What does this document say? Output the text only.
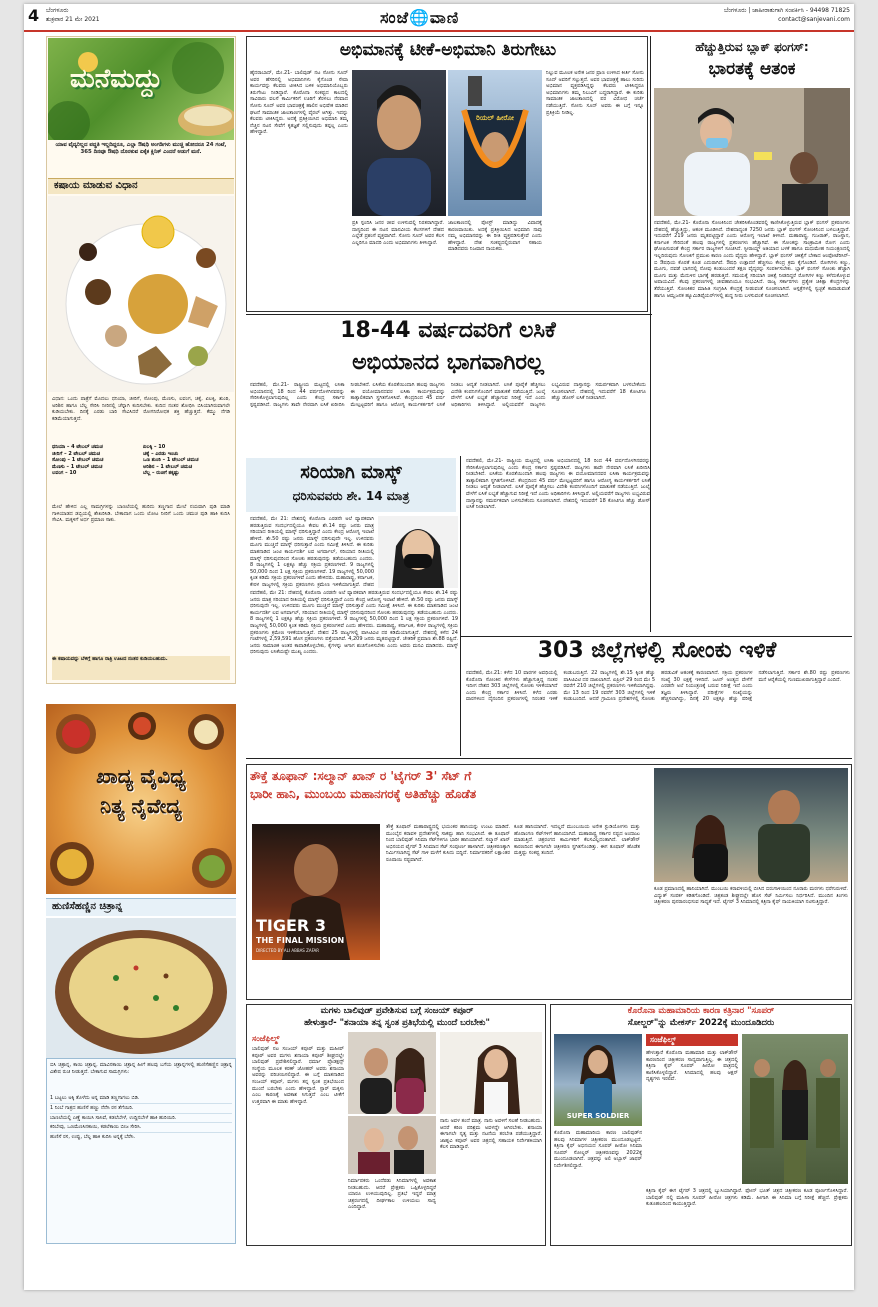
4 ಬೆಂಗಳೂರು
ಶುಕ್ರವಾರ 21 ಮೇ 2021	ಸಂಜೆ🌐ವಾಣಿ	ಬೆಂಗಳೂರು | ಜಾಹೀರಾತುಗಾಗಿ ಸಂಪರ್ಕಿಸಿ - 94498 71825
contact@sanjevani.com
ಮನೆಮದ್ದು
ಯಾವ ವೈದ್ಯರಿಲ್ಲದ ಪದ್ಧತಿ ಇಲ್ಲದಿದ್ದರೂ, ಎಲ್ಲಾ ಔಷಧಿ ಅಂಗಡಿಗಳು ಮುಚ್ಚಿ ಹೋದರೂ 24 ಗಂಟೆ, 365 ದಿನವೂ ಔಷಧಿ ದೊರಕುವ ಏಕೈಕ ಕ್ಲಿನಿಕ್ ಎಂದರೆ ಅಡುಗೆ ಮನೆ.
ಕಷಾಯ ಮಾಡುವ ವಿಧಾನ
ವಿಧಾನ: ಒಂದು ಪಾತ್ರೆಗೆ ಮೊದಲು ಧನಿಯಾ, ಜೀರಿಗೆ, ಸೋಂಪು, ಮೆಣಸು, ಲವಂಗ, ಚಕ್ಕೆ, ಏಲಕ್ಕಿ, ಶುಂಠಿ, ಅರಿಶಿನ ಹಾಗೂ ಬೆಲ್ಲ ಸೇರಿಸಿ ನೀರಿನಲ್ಲಿ ಚೆನ್ನಾಗಿ ಕುದಿಸಬೇಕು. ಕುದಿದ ನಂತರ ಶೋಧಿಸಿ ಬಿಸಿಯಾಗಿರುವಾಗಲೇ ಕುಡಿಯಬೇಕು. ದಿನಕ್ಕೆ ಎರಡು ಬಾರಿ ಸೇವಿಸಿದರೆ ರೋಗನಿರೋಧಕ ಶಕ್ತಿ ಹೆಚ್ಚುತ್ತದೆ. ಕೆಮ್ಮು ನೆಗಡಿ ಕಡಿಮೆಯಾಗುತ್ತದೆ.
ಧನಿಯಾ – 4 ಟೇಬಲ್ ಚಮಚ
ಜೀರಿಗೆ – 2 ಟೇಬಲ್ ಚಮಚ
ಸೋಂಪು – 1 ಟೇಬಲ್ ಚಮಚ
ಮೆಣಸು – 1 ಟೇಬಲ್ ಚಮಚ
ಲವಂಗ – 10
ಏಲಕ್ಕಿ – 10
ಚಕ್ಕೆ – ಎರಡು ಇಂಚು
ಒಣ ಶುಂಠಿ – 1 ಟೇಬಲ್ ಚಮಚ
ಅರಿಶಿನ – 1 ಟೇಬಲ್ ಚಮಚ
ಬೆಲ್ಲ – ರುಚಿಗೆ ತಕ್ಕಷ್ಟು
ಮೇಲೆ ಹೇಳಿದ ಎಲ್ಲ ಸಾಮಗ್ರಿಗಳನ್ನು ಬಾಣಲೆಯಲ್ಲಿ ಹುರಿದು ತಣ್ಣಗಾದ ಮೇಲೆ ನಯವಾಗಿ ಪುಡಿ ಮಾಡಿ ಗಾಳಿಯಾಡದ ಡಬ್ಬಿಯಲ್ಲಿ ಶೇಖರಿಸಿಡಿ. ಬೇಕಾದಾಗ ಒಂದು ಲೋಟ ನೀರಿಗೆ ಒಂದು ಚಮಚ ಪುಡಿ ಹಾಕಿ ಕುದಿಸಿ ಸೇವಿಸಿ. ಮಕ್ಕಳಿಗೆ ಅರ್ಧ ಪ್ರಮಾಣ ಸಾಕು.
ಈ ಕಷಾಯವನ್ನು ಬೆಳಿಗ್ಗೆ ಹಾಗೂ ರಾತ್ರಿ ಊಟದ ನಂತರ ಕುಡಿಯಬಹುದು.
ಖಾದ್ಯ ವೈವಿಧ್ಯ
ನಿತ್ಯ ನೈವೇದ್ಯ
ಹುಣಿಸೆಹಣ್ಣಿನ ಚಿತ್ರಾನ್ನ
ಬಿಸಿ ಚಿತ್ರಾನ್ನ, ಕಾಯಿ ಚಿತ್ರಾನ್ನ, ಮಾವಿನಕಾಯಿ ಚಿತ್ರಾನ್ನ ಹೀಗೆ ಹಲವು ಬಗೆಯ ಚಿತ್ರಾನ್ನಗಳಲ್ಲಿ ಹುಣಿಸೆಹಣ್ಣಿನ ಚಿತ್ರಾನ್ನ ವಿಶೇಷ ರುಚಿ ನೀಡುತ್ತದೆ. ಬೇಕಾಗುವ ಸಾಮಗ್ರಿಗಳು:
1 ಬಟ್ಟಲು ಅಕ್ಕಿ ತೊಳೆದು ಅನ್ನ ಮಾಡಿ ತಣ್ಣಗಾಗಲು ಬಿಡಿ.
1 ನಿಂಬೆ ಗಾತ್ರದ ಹುಣಿಸೆ ಹಣ್ಣು ನೆನೆಸಿ ರಸ ತೆಗೆಯಿರಿ.
ಬಾಣಲೆಯಲ್ಲಿ ಎಣ್ಣೆ ಕಾಯಿಸಿ ಸಾಸಿವೆ, ಕಡಲೆಬೇಳೆ, ಉದ್ದಿನಬೇಳೆ ಹಾಕಿ ಹುರಿಯಿರಿ.
ಕರಿಬೇವು, ಒಣಮೆಣಸಿನಕಾಯಿ, ಕಡಲೆಕಾಯಿ ಬೀಜ ಸೇರಿಸಿ.
ಹುಣಿಸೆ ರಸ, ಉಪ್ಪು, ಬೆಲ್ಲ ಹಾಕಿ ಕುದಿಸಿ ಅನ್ನಕ್ಕೆ ಬೆರೆಸಿ.
ಅಭಿಮಾನಕ್ಕೆ ಟೀಕೆ-ಅಭಿಮಾನಿ ತಿರುಗೇಟು
ಹೈದರಾಬಾದ್, ಮೇ.21- ಬಾಲಿವುಡ್ ನಟ ಸೋನು ಸೂದ್ ಅವರ ಹೆಸರಿನಲ್ಲಿ ಅಭಿಮಾನಿಗಳು ಕೈಗೊಂಡ ಸೇವಾ ಕಾರ್ಯವನ್ನು ಕೆಲವರು ಟೀಕಿಸಿದ ಬಳಿಕ ಅಭಿಮಾನಿಯೊಬ್ಬರು ತಿರುಗೇಟು ನೀಡಿದ್ದಾರೆ. ಕೊರೊನಾ ಸಂಕಷ್ಟದ ಕಾಲದಲ್ಲಿ ಸಾವಿರಾರು ವಲಸೆ ಕಾರ್ಮಿಕರಿಗೆ ಊರಿಗೆ ತೆರಳಲು ನೆರವಾದ ಸೋನು ಸೂದ್ ಅವರ ಭಾವಚಿತ್ರಕ್ಕೆ ಹಾಲಿನ ಅಭಿಷೇಕ ಮಾಡಿದ ಘಟನೆ ಸಾಮಾಜಿಕ ಜಾಲತಾಣಗಳಲ್ಲಿ ವೈರಲ್ ಆಗಿತ್ತು. ಇದನ್ನು ಕೆಲವರು ಟೀಕಿಸಿದ್ದರು. ಅದಕ್ಕೆ ಪ್ರತಿಕ್ರಿಯಿಸಿದ ಅಭಿಮಾನಿ ತಮ್ಮ ನೆಚ್ಚಿನ ನಟನ ಸೇವೆಗೆ ಕೃತಜ್ಞತೆ ಸಲ್ಲಿಸುವುದು ತಪ್ಪಲ್ಲ ಎಂದು ಹೇಳಿದ್ದಾರೆ.
ರಿಯಲ್ ಹೀರೋ
ಪ್ರತಿ ಸ್ಪಂದಿಸಿ ಜನರ ಜೀವ ಉಳಿಸುವಲ್ಲಿ ನಿರತರಾಗಿದ್ದಾರೆ. ದಾಸ್ಯದಿಂದ ಈ ನಟನ ಮಾನವೀಯ ಕೆಲಸಗಳಿಗೆ ದೇಶದ ಎಲ್ಲೆಡೆ ಪ್ರಶಂಸೆ ವ್ಯಕ್ತವಾಗಿದೆ. ಸೋನು ಸೂದ್ ಅವರ ಕೆಲಸ ಎಲ್ಲರಿಗೂ ಮಾದರಿ ಎಂದು ಅಭಿಮಾನಿಗಳು ತಿಳಿಸಿದ್ದಾರೆ.
ಜಾಲತಾಣದಲ್ಲಿ ಪೋಸ್ಟ್ ಮಾಡಿದ್ದು ವಿವಾದಕ್ಕೆ ಕಾರಣವಾಯಿತು. ಅದಕ್ಕೆ ಪ್ರತಿಕ್ರಿಯಿಸಿದ ಅಭಿಮಾನಿ ನಾವು ನಮ್ಮ ಅಭಿಮಾನವನ್ನು ಈ ರೀತಿ ವ್ಯಕ್ತಪಡಿಸುತ್ತೇವೆ ಎಂದು ಹೇಳಿದ್ದಾರೆ. ದೇಶ ಸಂಕಷ್ಟದಲ್ಲಿರುವಾಗ ಸಹಾಯ ಮಾಡಿದವರು ನಿಜವಾದ ನಾಯಕರು.
ನಿಲ್ಲುವ ಮೂಲಕ ಅನೇಕ ಜನರ ಪ್ರಾಣ ಉಳಿಸಿದ ಕೀರ್ತಿ ಸೋನು ಸೂದ್ ಅವರಿಗೆ ಸಲ್ಲುತ್ತದೆ. ಅವರ ಭಾವಚಿತ್ರಕ್ಕೆ ಹಾಲು ಸುರಿದು ಅಭಿಮಾನ ವ್ಯಕ್ತಪಡಿಸಿದ್ದನ್ನು ಕೆಲವರು ಟೀಕಿಸಿದ್ದರೂ ಅಭಿಮಾನಿಗಳು ತಮ್ಮ ನಿಲುವಿಗೆ ಬದ್ಧರಾಗಿದ್ದಾರೆ. ಈ ಕುರಿತು ಸಾಮಾಜಿಕ ಜಾಲತಾಣದಲ್ಲಿ ಪರ ವಿರೋಧ ಚರ್ಚೆ ನಡೆಯುತ್ತಿದೆ. ಸೋನು ಸೂದ್ ಅವರು ಈ ಬಗ್ಗೆ ಇನ್ನೂ ಪ್ರತಿಕ್ರಿಯೆ ನೀಡಿಲ್ಲ.
ಹೆಚ್ಚುತ್ತಿರುವ ಬ್ಲಾಕ್ ಫಂಗಸ್:
ಭಾರತಕ್ಕೆ ಆತಂಕ
ನವದೆಹಲಿ, ಮೇ.21- ಕೊರೊನಾ ಸೋಂಕಿನಿಂದ ಚೇತರಿಸಿಕೊಂಡವರಲ್ಲಿ ಕಾಣಿಸಿಕೊಳ್ಳುತ್ತಿರುವ ಬ್ಲಾಕ್ ಫಂಗಸ್ ಪ್ರಕರಣಗಳು ದೇಶದಲ್ಲಿ ಹೆಚ್ಚುತ್ತಿದ್ದು, ಆತಂಕ ಮೂಡಿಸಿದೆ. ದೇಶದಾದ್ಯಂತ 7250 ಜನರು ಬ್ಲಾಕ್ ಫಂಗಸ್ ಸೋಂಕಿನಿಂದ ಬಳಲುತ್ತಿದ್ದಾರೆ. ಇದುವರೆಗೆ 219 ಜನರು ಮೃತಪಟ್ಟಿದ್ದಾರೆ ಎಂದು ಆರೋಗ್ಯ ಇಲಾಖೆ ತಿಳಿಸಿದೆ. ಮಹಾರಾಷ್ಟ್ರ, ಗುಜರಾತ್, ರಾಜಸ್ಥಾನ, ಕರ್ನಾಟಕ ಸೇರಿದಂತೆ ಹಲವು ರಾಜ್ಯಗಳಲ್ಲಿ ಪ್ರಕರಣಗಳು ಹೆಚ್ಚಾಗಿವೆ. ಈ ಸೋಂಕನ್ನು ಸಾಂಕ್ರಾಮಿಕ ರೋಗ ಎಂದು ಘೋಷಿಸುವಂತೆ ಕೇಂದ್ರ ಸರ್ಕಾರ ರಾಜ್ಯಗಳಿಗೆ ಸೂಚಿಸಿದೆ. ಸ್ಟೀರಾಯ್ಡ್ ಅತಿಯಾದ ಬಳಕೆ ಹಾಗೂ ಮಧುಮೇಹ ನಿಯಂತ್ರಣದಲ್ಲಿ ಇಲ್ಲದಿರುವುದು ಸೋಂಕಿಗೆ ಪ್ರಮುಖ ಕಾರಣ ಎಂದು ವೈದ್ಯರು ಹೇಳಿದ್ದಾರೆ. ಬ್ಲಾಕ್ ಫಂಗಸ್ ಚಿಕಿತ್ಸೆಗೆ ಬೇಕಾದ ಆಂಫೋಟೆರಿಸಿನ್-ಬಿ ಔಷಧಿಯ ಕೊರತೆ ಕೂಡ ಎದುರಾಗಿದೆ. ಔಷಧಿ ಉತ್ಪಾದನೆ ಹೆಚ್ಚಿಸಲು ಕೇಂದ್ರ ಕ್ರಮ ಕೈಗೊಂಡಿದೆ. ರೋಗಿಗಳು ಕಣ್ಣು, ಮೂಗು, ದವಡೆ ಭಾಗದಲ್ಲಿ ನೋವು ಕಂಡುಬಂದರೆ ತಕ್ಷಣ ವೈದ್ಯರನ್ನು ಸಂಪರ್ಕಿಸಬೇಕು. ಬ್ಲಾಕ್ ಫಂಗಸ್ ಸೋಂಕು ಹೆಚ್ಚಾಗಿ ಮೂಗು ಮತ್ತು ಮೆದುಳಿನ ಭಾಗಕ್ಕೆ ಹರಡುತ್ತದೆ. ಸಮಯಕ್ಕೆ ಸರಿಯಾಗಿ ಚಿಕಿತ್ಸೆ ನೀಡದಿದ್ದರೆ ರೋಗಿಗಳ ಕಣ್ಣು ಕಳೆದುಕೊಳ್ಳುವ ಅಪಾಯವಿದೆ. ಕೆಲವು ಪ್ರಕರಣಗಳಲ್ಲಿ ಜೀವಹಾನಿಯೂ ಸಂಭವಿಸಿದೆ. ರಾಜ್ಯ ಸರ್ಕಾರಗಳು ಪ್ರತ್ಯೇಕ ಚಿಕಿತ್ಸಾ ಕೇಂದ್ರಗಳನ್ನು ತೆರೆಯುತ್ತಿವೆ. ಸೋಂಕಿತರ ಮಾಹಿತಿ ಸಂಗ್ರಹಿಸಿ ಕೇಂದ್ರಕ್ಕೆ ನೀಡುವಂತೆ ಸೂಚಿಸಲಾಗಿದೆ. ಆಸ್ಪತ್ರೆಗಳಲ್ಲಿ ಸ್ವಚ್ಛತೆ ಕಾಪಾಡುವಂತೆ ಹಾಗೂ ಆಮ್ಲಜನಕ ಹ್ಯೂಮಿಡಿಫೈಯರ್‌ಗಳಲ್ಲಿ ಶುದ್ಧ ನೀರು ಬಳಸುವಂತೆ ಸೂಚಿಸಲಾಗಿದೆ.
18-44 ವರ್ಷದವರಿಗೆ ಲಸಿಕೆ
ಅಭಿಯಾನದ ಭಾಗವಾಗಿರಲ್ಲ
ನವದೆಹಲಿ, ಮೇ.21- ರಾಷ್ಟ್ರೀಯ ಮಟ್ಟದಲ್ಲಿ ಲಸಿಕಾ ಅಭಿಯಾನದಲ್ಲಿ 18 ರಿಂದ 44 ವರ್ಷದೊಳಗಿನವರನ್ನು ಸೇರಿಸಿಕೊಳ್ಳಲಾಗುವುದಿಲ್ಲ ಎಂದು ಕೇಂದ್ರ ಸರ್ಕಾರ ಸ್ಪಷ್ಟಪಡಿಸಿದೆ. ರಾಜ್ಯಗಳು ತಾವೇ ನೇರವಾಗಿ ಲಸಿಕೆ ಖರೀದಿಸಿ ನೀಡಬೇಕಿದೆ. ಲಸಿಕೆಯ ಕೊರತೆಯಿಂದಾಗಿ ಹಲವು ರಾಜ್ಯಗಳು ಈ ವಯೋಮಾನದವರ ಲಸಿಕಾ ಕಾರ್ಯಕ್ರಮವನ್ನು ತಾತ್ಕಾಲಿಕವಾಗಿ ಸ್ಥಗಿತಗೊಳಿಸಿವೆ. ಕೇಂದ್ರದಿಂದ 45 ವರ್ಷ ಮೇಲ್ಪಟ್ಟವರಿಗೆ ಹಾಗೂ ಆರೋಗ್ಯ ಕಾರ್ಯಕರ್ತರಿಗೆ ಲಸಿಕೆ ನೀಡಲು ಆದ್ಯತೆ ನೀಡಲಾಗಿದೆ. ಲಸಿಕೆ ಪೂರೈಕೆ ಹೆಚ್ಚಿಸಲು ವಿದೇಶಿ ಕಂಪನಿಗಳೊಂದಿಗೆ ಮಾತುಕತೆ ನಡೆಯುತ್ತಿದೆ. ಜುಲೈ ವೇಳೆಗೆ ಲಸಿಕೆ ಲಭ್ಯತೆ ಹೆಚ್ಚಾಗುವ ನಿರೀಕ್ಷೆ ಇದೆ ಎಂದು ಅಧಿಕಾರಿಗಳು ತಿಳಿಸಿದ್ದಾರೆ. ಅಲ್ಲಿಯವರೆಗೆ ರಾಜ್ಯಗಳು ಲಭ್ಯವಿರುವ ದಾಸ್ತಾನನ್ನು ಸಮರ್ಪಕವಾಗಿ ಬಳಸಬೇಕೆಂದು ಸೂಚಿಸಲಾಗಿದೆ. ದೇಶದಲ್ಲಿ ಇದುವರೆಗೆ 18 ಕೋಟಿಗೂ ಹೆಚ್ಚು ಡೋಸ್ ಲಸಿಕೆ ನೀಡಲಾಗಿದೆ.
ಸರಿಯಾಗಿ ಮಾಸ್ಕ್
ಧರಿಸುವವರು ಶೇ. 14 ಮಾತ್ರ
ನವದೆಹಲಿ, ಮೇ 21: ದೇಶದಲ್ಲಿ ಕೊರೊನಾ ಎರಡನೇ ಅಲೆ ವ್ಯಾಪಕವಾಗಿ ಹರಡುತ್ತಿರುವ ಸಂದರ್ಭದಲ್ಲಿಯೂ ಕೇವಲ ಶೇ.14 ರಷ್ಟು ಜನರು ಮಾತ್ರ ಸರಿಯಾದ ರೀತಿಯಲ್ಲಿ ಮಾಸ್ಕ್ ಧರಿಸುತ್ತಿದ್ದಾರೆ ಎಂದು ಕೇಂದ್ರ ಆರೋಗ್ಯ ಇಲಾಖೆ ಹೇಳಿದೆ. ಶೇ.50 ರಷ್ಟು ಜನರು ಮಾಸ್ಕ್ ಧರಿಸುವುದೇ ಇಲ್ಲ. ಉಳಿದವರು ಮೂಗು ಮುಚ್ಚದೆ ಮಾಸ್ಕ್ ಧರಿಸುತ್ತಾರೆ ಎಂದು ಸಮೀಕ್ಷೆ ತಿಳಿಸಿದೆ. ಈ ಕುರಿತು ಮಾತನಾಡಿದ ಜಂಟಿ ಕಾರ್ಯದರ್ಶಿ ಲವ ಅಗರ್ವಾಲ್, ಸರಿಯಾದ ರೀತಿಯಲ್ಲಿ ಮಾಸ್ಕ್ ಧರಿಸುವುದರಿಂದ ಸೋಂಕು ಹರಡುವುದನ್ನು ತಡೆಯಬಹುದು ಎಂದರು. 8 ರಾಜ್ಯಗಳಲ್ಲಿ 1 ಲಕ್ಷಕ್ಕೂ ಹೆಚ್ಚು ಸಕ್ರಿಯ ಪ್ರಕರಣಗಳಿವೆ. 9 ರಾಜ್ಯಗಳಲ್ಲಿ 50,000 ದಿಂದ 1 ಲಕ್ಷ ಸಕ್ರಿಯ ಪ್ರಕರಣಗಳಿವೆ. 19 ರಾಜ್ಯಗಳಲ್ಲಿ 50,000 ಕ್ಕಿಂತ ಕಡಿಮೆ ಸಕ್ರಿಯ ಪ್ರಕರಣಗಳಿವೆ ಎಂದು ಹೇಳಿದರು. ಮಹಾರಾಷ್ಟ್ರ, ಕರ್ನಾಟಕ, ಕೇರಳ ರಾಜ್ಯಗಳಲ್ಲಿ ಸಕ್ರಿಯ ಪ್ರಕರಣಗಳು ಕ್ರಮೇಣ ಇಳಿಕೆಯಾಗುತ್ತಿವೆ. ದೇಶದ
ನವದೆಹಲಿ, ಮೇ 21: ದೇಶದಲ್ಲಿ ಕೊರೊನಾ ಎರಡನೇ ಅಲೆ ವ್ಯಾಪಕವಾಗಿ ಹರಡುತ್ತಿರುವ ಸಂದರ್ಭದಲ್ಲಿಯೂ ಕೇವಲ ಶೇ.14 ರಷ್ಟು ಜನರು ಮಾತ್ರ ಸರಿಯಾದ ರೀತಿಯಲ್ಲಿ ಮಾಸ್ಕ್ ಧರಿಸುತ್ತಿದ್ದಾರೆ ಎಂದು ಕೇಂದ್ರ ಆರೋಗ್ಯ ಇಲಾಖೆ ಹೇಳಿದೆ. ಶೇ.50 ರಷ್ಟು ಜನರು ಮಾಸ್ಕ್ ಧರಿಸುವುದೇ ಇಲ್ಲ. ಉಳಿದವರು ಮೂಗು ಮುಚ್ಚದೆ ಮಾಸ್ಕ್ ಧರಿಸುತ್ತಾರೆ ಎಂದು ಸಮೀಕ್ಷೆ ತಿಳಿಸಿದೆ. ಈ ಕುರಿತು ಮಾತನಾಡಿದ ಜಂಟಿ ಕಾರ್ಯದರ್ಶಿ ಲವ ಅಗರ್ವಾಲ್, ಸರಿಯಾದ ರೀತಿಯಲ್ಲಿ ಮಾಸ್ಕ್ ಧರಿಸುವುದರಿಂದ ಸೋಂಕು ಹರಡುವುದನ್ನು ತಡೆಯಬಹುದು ಎಂದರು. 8 ರಾಜ್ಯಗಳಲ್ಲಿ 1 ಲಕ್ಷಕ್ಕೂ ಹೆಚ್ಚು ಸಕ್ರಿಯ ಪ್ರಕರಣಗಳಿವೆ. 9 ರಾಜ್ಯಗಳಲ್ಲಿ 50,000 ದಿಂದ 1 ಲಕ್ಷ ಸಕ್ರಿಯ ಪ್ರಕರಣಗಳಿವೆ. 19 ರಾಜ್ಯಗಳಲ್ಲಿ 50,000 ಕ್ಕಿಂತ ಕಡಿಮೆ ಸಕ್ರಿಯ ಪ್ರಕರಣಗಳಿವೆ ಎಂದು ಹೇಳಿದರು. ಮಹಾರಾಷ್ಟ್ರ, ಕರ್ನಾಟಕ, ಕೇರಳ ರಾಜ್ಯಗಳಲ್ಲಿ ಸಕ್ರಿಯ ಪ್ರಕರಣಗಳು ಕ್ರಮೇಣ ಇಳಿಕೆಯಾಗುತ್ತಿವೆ. ದೇಶದ 25 ರಾಜ್ಯಗಳಲ್ಲಿ ಪಾಸಿಟಿವಿಟಿ ದರ ಕಡಿಮೆಯಾಗುತ್ತಿದೆ. ದೇಶದಲ್ಲಿ ಕಳೆದ 24 ಗಂಟೆಗಳಲ್ಲಿ 2,59,591 ಹೊಸ ಪ್ರಕರಣಗಳು ಪತ್ತೆಯಾಗಿವೆ. 4,209 ಜನರು ಮೃತಪಟ್ಟಿದ್ದಾರೆ. ಚೇತರಿಕೆ ಪ್ರಮಾಣ ಶೇ.88 ರಷ್ಟಿದೆ. ಜನರು ಸಾಮಾಜಿಕ ಅಂತರ ಕಾಪಾಡಿಕೊಳ್ಳಬೇಕು, ಕೈಗಳನ್ನು ಆಗಾಗ ಶುಚಿಗೊಳಿಸಬೇಕು ಎಂದು ಅವರು ಮನವಿ ಮಾಡಿದರು. ಮಾಸ್ಕ್ ಧರಿಸುವುದು ಲಸಿಕೆಯಷ್ಟೇ ಮುಖ್ಯ ಎಂದರು.	303 ಜಿಲ್ಲೆಗಳಲ್ಲಿ ಸೋಂಕು ಇಳಿಕೆ
ನವದೆಹಲಿ, ಮೇ.21: ಕಳೆದ 10 ವಾರಗಳ ಅವಧಿಯಲ್ಲಿ ಕೊರೊನಾ ಸೋಂಕಿನ ಕೇಸ್‌ಗಳು ಹೆಚ್ಚಾಗುತ್ತಿದ್ದ ನಂತರ ಇದೀಗ ದೇಶದ 303 ಜಿಲ್ಲೆಗಳಲ್ಲಿ ಸೋಂಕು ಇಳಿಕೆಯಾಗಿದೆ ಎಂದು ಕೇಂದ್ರ ಸರ್ಕಾರ ತಿಳಿಸಿದೆ. ಕಳೆದ ಎರಡು ವಾರಗಳಿಂದ ದೈನಂದಿನ ಪ್ರಕರಣಗಳಲ್ಲಿ ನಿರಂತರ ಇಳಿಕೆ ಕಂಡುಬರುತ್ತಿದೆ. 22 ರಾಜ್ಯಗಳಲ್ಲಿ ಶೇ.15 ಕ್ಕಿಂತ ಹೆಚ್ಚು ಪಾಸಿಟಿವಿಟಿ ದರ ದಾಖಲಾಗಿದೆ. ಏಪ್ರಿಲ್ 29 ರಿಂದ ಮೇ 5 ರವರೆಗೆ 210 ಜಿಲ್ಲೆಗಳಲ್ಲಿ ಪ್ರಕರಣಗಳು ಇಳಿಕೆಯಾಗಿದ್ದವು. ಮೇ 13 ರಿಂದ 19 ರವರೆಗೆ 303 ಜಿಲ್ಲೆಗಳಲ್ಲಿ ಇಳಿಕೆ ಕಂಡುಬಂದಿದೆ. ಆದರೆ ಗ್ರಾಮೀಣ ಪ್ರದೇಶಗಳಲ್ಲಿ ಸೋಂಕು ಹರಡುವಿಕೆ ಆತಂಕಕ್ಕೆ ಕಾರಣವಾಗಿದೆ. ಸಕ್ರಿಯ ಪ್ರಕರಣಗಳ ಸಂಖ್ಯೆ 30 ಲಕ್ಷಕ್ಕೆ ಇಳಿದಿದೆ. ಜೂನ್ ಅಂತ್ಯದ ವೇಳೆಗೆ ಎರಡನೇ ಅಲೆ ನಿಯಂತ್ರಣಕ್ಕೆ ಬರುವ ನಿರೀಕ್ಷೆ ಇದೆ ಎಂದು ತಜ್ಞರು ತಿಳಿಸಿದ್ದಾರೆ. ಪರೀಕ್ಷೆಗಳ ಸಂಖ್ಯೆಯನ್ನು ಹೆಚ್ಚಿಸಲಾಗಿದ್ದು, ದಿನಕ್ಕೆ 20 ಲಕ್ಷಕ್ಕೂ ಹೆಚ್ಚು ಪರೀಕ್ಷೆ ನಡೆಸಲಾಗುತ್ತಿದೆ. ಸರ್ಕಾರ ಶೇ.80 ರಷ್ಟು ಪ್ರಕರಣಗಳು ಮನೆ ಆರೈಕೆಯಲ್ಲಿ ಗುಣಮುಖರಾಗುತ್ತಿದ್ದಾರೆ ಎಂದಿದೆ.
ನವದೆಹಲಿ, ಮೇ.21- ರಾಷ್ಟ್ರೀಯ ಮಟ್ಟದಲ್ಲಿ ಲಸಿಕಾ ಅಭಿಯಾನದಲ್ಲಿ 18 ರಿಂದ 44 ವರ್ಷದೊಳಗಿನವರನ್ನು ಸೇರಿಸಿಕೊಳ್ಳಲಾಗುವುದಿಲ್ಲ ಎಂದು ಕೇಂದ್ರ ಸರ್ಕಾರ ಸ್ಪಷ್ಟಪಡಿಸಿದೆ. ರಾಜ್ಯಗಳು ತಾವೇ ನೇರವಾಗಿ ಲಸಿಕೆ ಖರೀದಿಸಿ ನೀಡಬೇಕಿದೆ. ಲಸಿಕೆಯ ಕೊರತೆಯಿಂದಾಗಿ ಹಲವು ರಾಜ್ಯಗಳು ಈ ವಯೋಮಾನದವರ ಲಸಿಕಾ ಕಾರ್ಯಕ್ರಮವನ್ನು ತಾತ್ಕಾಲಿಕವಾಗಿ ಸ್ಥಗಿತಗೊಳಿಸಿವೆ. ಕೇಂದ್ರದಿಂದ 45 ವರ್ಷ ಮೇಲ್ಪಟ್ಟವರಿಗೆ ಹಾಗೂ ಆರೋಗ್ಯ ಕಾರ್ಯಕರ್ತರಿಗೆ ಲಸಿಕೆ ನೀಡಲು ಆದ್ಯತೆ ನೀಡಲಾಗಿದೆ. ಲಸಿಕೆ ಪೂರೈಕೆ ಹೆಚ್ಚಿಸಲು ವಿದೇಶಿ ಕಂಪನಿಗಳೊಂದಿಗೆ ಮಾತುಕತೆ ನಡೆಯುತ್ತಿದೆ. ಜುಲೈ ವೇಳೆಗೆ ಲಸಿಕೆ ಲಭ್ಯತೆ ಹೆಚ್ಚಾಗುವ ನಿರೀಕ್ಷೆ ಇದೆ ಎಂದು ಅಧಿಕಾರಿಗಳು ತಿಳಿಸಿದ್ದಾರೆ. ಅಲ್ಲಿಯವರೆಗೆ ರಾಜ್ಯಗಳು ಲಭ್ಯವಿರುವ ದಾಸ್ತಾನನ್ನು ಸಮರ್ಪಕವಾಗಿ ಬಳಸಬೇಕೆಂದು ಸೂಚಿಸಲಾಗಿದೆ. ದೇಶದಲ್ಲಿ ಇದುವರೆಗೆ 18 ಕೋಟಿಗೂ ಹೆಚ್ಚು ಡೋಸ್ ಲಸಿಕೆ ನೀಡಲಾಗಿದೆ.
ತೌಕ್ತೆ ತೂಫಾನ್ :ಸಲ್ಮಾನ್ ಖಾನ್ ರ 'ಟೈಗರ್ 3' ಸೆಟ್ ಗೆ
ಭಾರೀ ಹಾನಿ, ಮುಂಬಯಿ ಮಹಾನಗರಕ್ಕೆ ಅತಿಹೆಚ್ಚು ಹೊಡೆತ
TIGER 3
THE FINAL MISSION
DIRECTED BY ALI ABBAS ZAFAR
ತೌಕ್ತೆ ತೂಫಾನ್ ಮಹಾರಾಷ್ಟ್ರದಲ್ಲಿ ಭಯಂಕರ ಹಾನಿಯನ್ನು ಉಂಟು ಮಾಡಿದೆ. ಮುಂಬೈನ ಕರಾವಳಿ ಪ್ರದೇಶಗಳಲ್ಲಿ ಸಾಕಷ್ಟು ಹಾನಿ ಸಂಭವಿಸಿದೆ. ಈ ತೂಫಾನ್ ನಿಂದ ಬಾಲಿವುಡ್ ಸಿನಿಮಾ ಸೆಟ್‌ಗಳಿಗೂ ಭಾರೀ ಹಾನಿಯಾಗಿದೆ. ಸಲ್ಮಾನ್ ಖಾನ್ ಅಭಿನಯದ ಟೈಗರ್ 3 ಸಿನಿಮಾದ ಸೆಟ್ ಸಂಪೂರ್ಣ ಹಾಳಾಗಿದೆ. ಚಿತ್ರೀಕರಣಕ್ಕಾಗಿ ನಿರ್ಮಿಸಲಾಗಿದ್ದ ಸೆಟ್ ಗಾಳಿ ಮಳೆಗೆ ಕುಸಿದು ಬಿದ್ದಿದೆ. ನಿರ್ಮಾಪಕರಿಗೆ ಲಕ್ಷಾಂತರ ರೂಪಾಯಿ ನಷ್ಟವಾಗಿದೆ.
ಕೂಡ ಹಾನಿಯಾಗಿದೆ. ಇದಲ್ಲದೆ ಮುಂಬಯಿಯ ಅನೇಕ ಸ್ಟುಡಿಯೋಗಳು ಮತ್ತು ಹೊರಾಂಗಣ ಸೆಟ್‌ಗಳಿಗೆ ಹಾನಿಯಾಗಿದೆ. ಮಹಾರಾಷ್ಟ್ರ ಸರ್ಕಾರ ನಷ್ಟದ ಅಂದಾಜು ಮಾಡುತ್ತಿದೆ. ಚಿತ್ರರಂಗದ ಕಾರ್ಮಿಕರಿಗೆ ಕೆಲಸವಿಲ್ಲದಂತಾಗಿದೆ. ಲಾಕ್‌ಡೌನ್ ಕಾರಣದಿಂದ ಈಗಾಗಲೇ ಚಿತ್ರೀಕರಣ ಸ್ಥಗಿತಗೊಂಡಿತ್ತು. ಈಗ ತೂಫಾನ್ ಹೊಡೆತ ಮತ್ತಷ್ಟು ಸಂಕಷ್ಟ ತಂದಿದೆ.
ಕೂಡ ಪ್ರಮಾಣದಲ್ಲಿ ಹಾನಿಯಾಗಿದೆ. ಮುಂಬಯಿ ಕರಾವಳಿಯಲ್ಲಿ ಬೀಸಿದ ಬಿರುಗಾಳಿಯಿಂದ ನೂರಾರು ಮರಗಳು ಧರೆಗುರುಳಿವೆ. ವಿದ್ಯುತ್ ಸಂಪರ್ಕ ಕಡಿತಗೊಂಡಿದೆ. ಚಿತ್ರತಂಡ ಶೀಘ್ರದಲ್ಲೇ ಹೊಸ ಸೆಟ್ ನಿರ್ಮಿಸಲು ನಿರ್ಧರಿಸಿದೆ. ಮುಂದಿನ ತಿಂಗಳು ಚಿತ್ರೀಕರಣ ಪುನರಾರಂಭಿಸುವ ಸಾಧ್ಯತೆ ಇದೆ. ಟೈಗರ್ 3 ಸಿನಿಮಾದಲ್ಲಿ ಕತ್ರಿನಾ ಕೈಫ್ ನಾಯಕಿಯಾಗಿ ನಟಿಸುತ್ತಿದ್ದಾರೆ.
ಮಗಳು ಬಾಲಿವುಡ್ ಪ್ರವೇಶಿಸುವ ಬಗ್ಗೆ ಸಂಜಯ್ ಕಪೂರ್
ಹೇಳುತ್ತಾರೆ- "ಶನಾಯಾ ತನ್ನ ಸ್ವಂತ ಪ್ರತಿಭೆಯಲ್ಲಿ ಮುಂದೆ ಬರಬೇಕು"
ಸಂಜೆಫಿಲ್ಮ್
ಬಾಲಿವುಡ್ ನಟ ಸಂಜಯ್ ಕಪೂರ್ ಮತ್ತು ಮಹೀಪ್ ಕಪೂರ್ ಅವರ ಮಗಳು ಶನಾಯಾ ಕಪೂರ್ ಶೀಘ್ರದಲ್ಲೇ ಬಾಲಿವುಡ್ ಪ್ರವೇಶಿಸಲಿದ್ದಾರೆ. ಧರ್ಮಾ ಪ್ರೊಡಕ್ಷನ್ಸ್ ಸಂಸ್ಥೆಯ ಮೂಲಕ ಕರಣ್ ಜೋಹರ್ ಅವರು ಶನಾಯಾ ಅವರನ್ನು ಪರಿಚಯಿಸಲಿದ್ದಾರೆ. ಈ ಬಗ್ಗೆ ಮಾತನಾಡಿದ ಸಂಜಯ್ ಕಪೂರ್, ಮಗಳು ತನ್ನ ಸ್ವಂತ ಪ್ರತಿಭೆಯಿಂದ ಮುಂದೆ ಬರಬೇಕು ಎಂದು ಹೇಳಿದ್ದಾರೆ. ಸ್ಟಾರ್ ಮಕ್ಕಳು ಎಂಬ ಕಾರಣಕ್ಕೆ ಅವಕಾಶ ಸಿಗುತ್ತದೆ ಎಂಬ ಟೀಕೆಗೆ ಉತ್ತರವಾಗಿ ಈ ಮಾತು ಹೇಳಿದ್ದಾರೆ.
ನಿರ್ಮಾಪಕರು ಒಂದೆರಡು ಸಿನಿಮಾಗಳಲ್ಲಿ ಅವಕಾಶ ನೀಡಬಹುದು. ಆದರೆ ಪ್ರೇಕ್ಷಕರು ಒಪ್ಪಿಕೊಳ್ಳದಿದ್ದರೆ ಯಾರೂ ಉಳಿಯುವುದಿಲ್ಲ. ಪ್ರತಿಭೆ ಇದ್ದರೆ ಮಾತ್ರ ಚಿತ್ರರಂಗದಲ್ಲಿ ದೀರ್ಘಕಾಲ ಉಳಿಯಲು ಸಾಧ್ಯ ಎಂದಿದ್ದಾರೆ.
ನಾನು ಅವಳ ತಂದೆ ಮಾತ್ರ. ನಾನು ಅವಳಿಗೆ ಸಲಹೆ ನೀಡಬಹುದು. ಆದರೆ ಕಠಿಣ ಪರಿಶ್ರಮ ಅವಳದ್ದೇ ಆಗಿರಬೇಕು. ಶನಾಯಾ ಈಗಾಗಲೇ ನೃತ್ಯ ಮತ್ತು ನಟನೆಯ ತರಬೇತಿ ಪಡೆಯುತ್ತಿದ್ದಾರೆ. ಜಾಹ್ನವಿ ಕಪೂರ್ ಅವರ ಚಿತ್ರದಲ್ಲಿ ಸಹಾಯಕ ನಿರ್ದೇಶಕಿಯಾಗಿ ಕೆಲಸ ಮಾಡಿದ್ದಾರೆ.
ಕೊರೊನಾ ಮಹಾಮಾರಿಯ ಕಾರಣ ಕತ್ರಿನಾರ "ಸೂಪರ್
ಸೋಲ್ಜರ್"ನ್ನು ಮೇಕರ್ಸ್ 2022ಕ್ಕೆ ಮುಂದೂಡಿದರು
SUPER SOLDIER
ಕೊರೊನಾ ಮಹಾಮಾರಿಯ ಕಾರಣ ಬಾಲಿವುಡ್‌ನ ಹಲವು ಸಿನಿಮಾಗಳ ಚಿತ್ರೀಕರಣ ಮುಂದೂಡಲ್ಪಟ್ಟಿದೆ. ಕತ್ರಿನಾ ಕೈಫ್ ಅಭಿನಯದ ಸೂಪರ್ ಹೀರೋ ಸಿನಿಮಾ ಸೂಪರ್ ಸೋಲ್ಜರ್ ಚಿತ್ರೀಕರಣವನ್ನು 2022ಕ್ಕೆ ಮುಂದೂಡಲಾಗಿದೆ. ಚಿತ್ರವನ್ನು ಅಲಿ ಅಬ್ಬಾಸ್ ಜಾಫರ್ ನಿರ್ದೇಶಿಸಲಿದ್ದಾರೆ.
ಸಂಜೆಫಿಲ್ಮ್
ಹೇಳುತ್ತಾರೆ ಕೊರೊನಾ ಮಹಾಮಾರಿ ಮತ್ತು ಲಾಕ್‌ಡೌನ್ ಕಾರಣದಿಂದ ಚಿತ್ರೀಕರಣ ಸಾಧ್ಯವಾಗುತ್ತಿಲ್ಲ. ಈ ಚಿತ್ರದಲ್ಲಿ ಕತ್ರಿನಾ ಕೈಫ್ ಸೂಪರ್ ಹೀರೋ ಪಾತ್ರದಲ್ಲಿ ಕಾಣಿಸಿಕೊಳ್ಳಲಿದ್ದಾರೆ. ಸಿನಿಮಾದಲ್ಲಿ ಹಲವು ಆಕ್ಷನ್ ದೃಶ್ಯಗಳು ಇರಲಿವೆ.
ಕತ್ರಿನಾ ಕೈಫ್ ಈಗ ಟೈಗರ್ 3 ಚಿತ್ರದಲ್ಲಿ ಬ್ಯುಸಿಯಾಗಿದ್ದಾರೆ. ಫೋನ್ ಭೂತ್ ಚಿತ್ರದ ಚಿತ್ರೀಕರಣ ಕೂಡ ಪೂರ್ಣಗೊಳಿಸಿದ್ದಾರೆ. ಬಾಲಿವುಡ್ ನಲ್ಲಿ ಮಹಿಳಾ ಸೂಪರ್ ಹೀರೋ ಚಿತ್ರಗಳು ಕಡಿಮೆ. ಹೀಗಾಗಿ ಈ ಸಿನಿಮಾ ಬಗ್ಗೆ ನಿರೀಕ್ಷೆ ಹೆಚ್ಚಿದೆ. ಪ್ರೇಕ್ಷಕರು ಕುತೂಹಲದಿಂದ ಕಾಯುತ್ತಿದ್ದಾರೆ.
